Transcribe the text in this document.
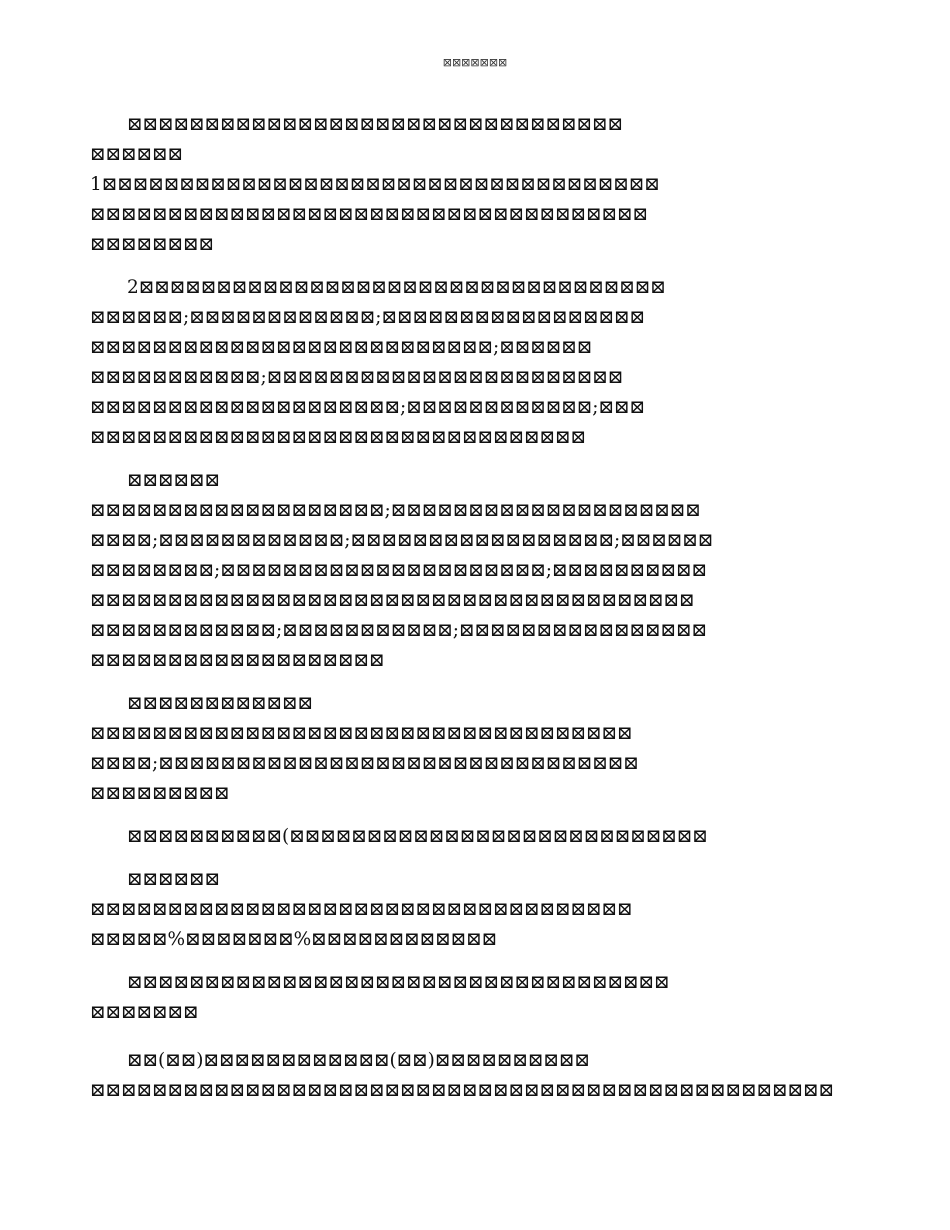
⊠⊠⊠⊠⊠⊠⊠
⊠⊠⊠⊠⊠⊠⊠⊠⊠⊠⊠⊠⊠⊠⊠⊠⊠⊠⊠⊠⊠⊠⊠⊠⊠⊠⊠⊠⊠⊠⊠⊠
⊠⊠⊠⊠⊠⊠
1⊠⊠⊠⊠⊠⊠⊠⊠⊠⊠⊠⊠⊠⊠⊠⊠⊠⊠⊠⊠⊠⊠⊠⊠⊠⊠⊠⊠⊠⊠⊠⊠⊠⊠⊠⊠
⊠⊠⊠⊠⊠⊠⊠⊠⊠⊠⊠⊠⊠⊠⊠⊠⊠⊠⊠⊠⊠⊠⊠⊠⊠⊠⊠⊠⊠⊠⊠⊠⊠⊠⊠⊠
⊠⊠⊠⊠⊠⊠⊠⊠
2⊠⊠⊠⊠⊠⊠⊠⊠⊠⊠⊠⊠⊠⊠⊠⊠⊠⊠⊠⊠⊠⊠⊠⊠⊠⊠⊠⊠⊠⊠⊠⊠⊠⊠
⊠⊠⊠⊠⊠⊠;⊠⊠⊠⊠⊠⊠⊠⊠⊠⊠⊠⊠;⊠⊠⊠⊠⊠⊠⊠⊠⊠⊠⊠⊠⊠⊠⊠⊠⊠
⊠⊠⊠⊠⊠⊠⊠⊠⊠⊠⊠⊠⊠⊠⊠⊠⊠⊠⊠⊠⊠⊠⊠⊠⊠⊠;⊠⊠⊠⊠⊠⊠
⊠⊠⊠⊠⊠⊠⊠⊠⊠⊠⊠;⊠⊠⊠⊠⊠⊠⊠⊠⊠⊠⊠⊠⊠⊠⊠⊠⊠⊠⊠⊠⊠⊠⊠
⊠⊠⊠⊠⊠⊠⊠⊠⊠⊠⊠⊠⊠⊠⊠⊠⊠⊠⊠⊠;⊠⊠⊠⊠⊠⊠⊠⊠⊠⊠⊠⊠;⊠⊠⊠
⊠⊠⊠⊠⊠⊠⊠⊠⊠⊠⊠⊠⊠⊠⊠⊠⊠⊠⊠⊠⊠⊠⊠⊠⊠⊠⊠⊠⊠⊠⊠⊠
⊠⊠⊠⊠⊠⊠
⊠⊠⊠⊠⊠⊠⊠⊠⊠⊠⊠⊠⊠⊠⊠⊠⊠⊠⊠;⊠⊠⊠⊠⊠⊠⊠⊠⊠⊠⊠⊠⊠⊠⊠⊠⊠⊠⊠⊠
⊠⊠⊠⊠;⊠⊠⊠⊠⊠⊠⊠⊠⊠⊠⊠⊠;⊠⊠⊠⊠⊠⊠⊠⊠⊠⊠⊠⊠⊠⊠⊠⊠⊠;⊠⊠⊠⊠⊠⊠
⊠⊠⊠⊠⊠⊠⊠⊠;⊠⊠⊠⊠⊠⊠⊠⊠⊠⊠⊠⊠⊠⊠⊠⊠⊠⊠⊠⊠⊠;⊠⊠⊠⊠⊠⊠⊠⊠⊠⊠
⊠⊠⊠⊠⊠⊠⊠⊠⊠⊠⊠⊠⊠⊠⊠⊠⊠⊠⊠⊠⊠⊠⊠⊠⊠⊠⊠⊠⊠⊠⊠⊠⊠⊠⊠⊠⊠⊠⊠
⊠⊠⊠⊠⊠⊠⊠⊠⊠⊠⊠⊠;⊠⊠⊠⊠⊠⊠⊠⊠⊠⊠⊠;⊠⊠⊠⊠⊠⊠⊠⊠⊠⊠⊠⊠⊠⊠⊠⊠
⊠⊠⊠⊠⊠⊠⊠⊠⊠⊠⊠⊠⊠⊠⊠⊠⊠⊠⊠
⊠⊠⊠⊠⊠⊠⊠⊠⊠⊠⊠⊠
⊠⊠⊠⊠⊠⊠⊠⊠⊠⊠⊠⊠⊠⊠⊠⊠⊠⊠⊠⊠⊠⊠⊠⊠⊠⊠⊠⊠⊠⊠⊠⊠⊠⊠⊠
⊠⊠⊠⊠;⊠⊠⊠⊠⊠⊠⊠⊠⊠⊠⊠⊠⊠⊠⊠⊠⊠⊠⊠⊠⊠⊠⊠⊠⊠⊠⊠⊠⊠⊠⊠
⊠⊠⊠⊠⊠⊠⊠⊠⊠
⊠⊠⊠⊠⊠⊠⊠⊠⊠⊠(⊠⊠⊠⊠⊠⊠⊠⊠⊠⊠⊠⊠⊠⊠⊠⊠⊠⊠⊠⊠⊠⊠⊠⊠⊠⊠⊠
⊠⊠⊠⊠⊠⊠
⊠⊠⊠⊠⊠⊠⊠⊠⊠⊠⊠⊠⊠⊠⊠⊠⊠⊠⊠⊠⊠⊠⊠⊠⊠⊠⊠⊠⊠⊠⊠⊠⊠⊠⊠
⊠⊠⊠⊠⊠%⊠⊠⊠⊠⊠⊠⊠%⊠⊠⊠⊠⊠⊠⊠⊠⊠⊠⊠⊠
⊠⊠⊠⊠⊠⊠⊠⊠⊠⊠⊠⊠⊠⊠⊠⊠⊠⊠⊠⊠⊠⊠⊠⊠⊠⊠⊠⊠⊠⊠⊠⊠⊠⊠⊠
⊠⊠⊠⊠⊠⊠⊠
⊠⊠(⊠⊠)⊠⊠⊠⊠⊠⊠⊠⊠⊠⊠⊠⊠(⊠⊠)⊠⊠⊠⊠⊠⊠⊠⊠⊠⊠
⊠⊠⊠⊠⊠⊠⊠⊠⊠⊠⊠⊠⊠⊠⊠⊠⊠⊠⊠⊠⊠⊠⊠⊠⊠⊠⊠⊠⊠⊠⊠⊠⊠⊠⊠⊠⊠⊠⊠⊠⊠⊠⊠⊠⊠⊠⊠⊠
